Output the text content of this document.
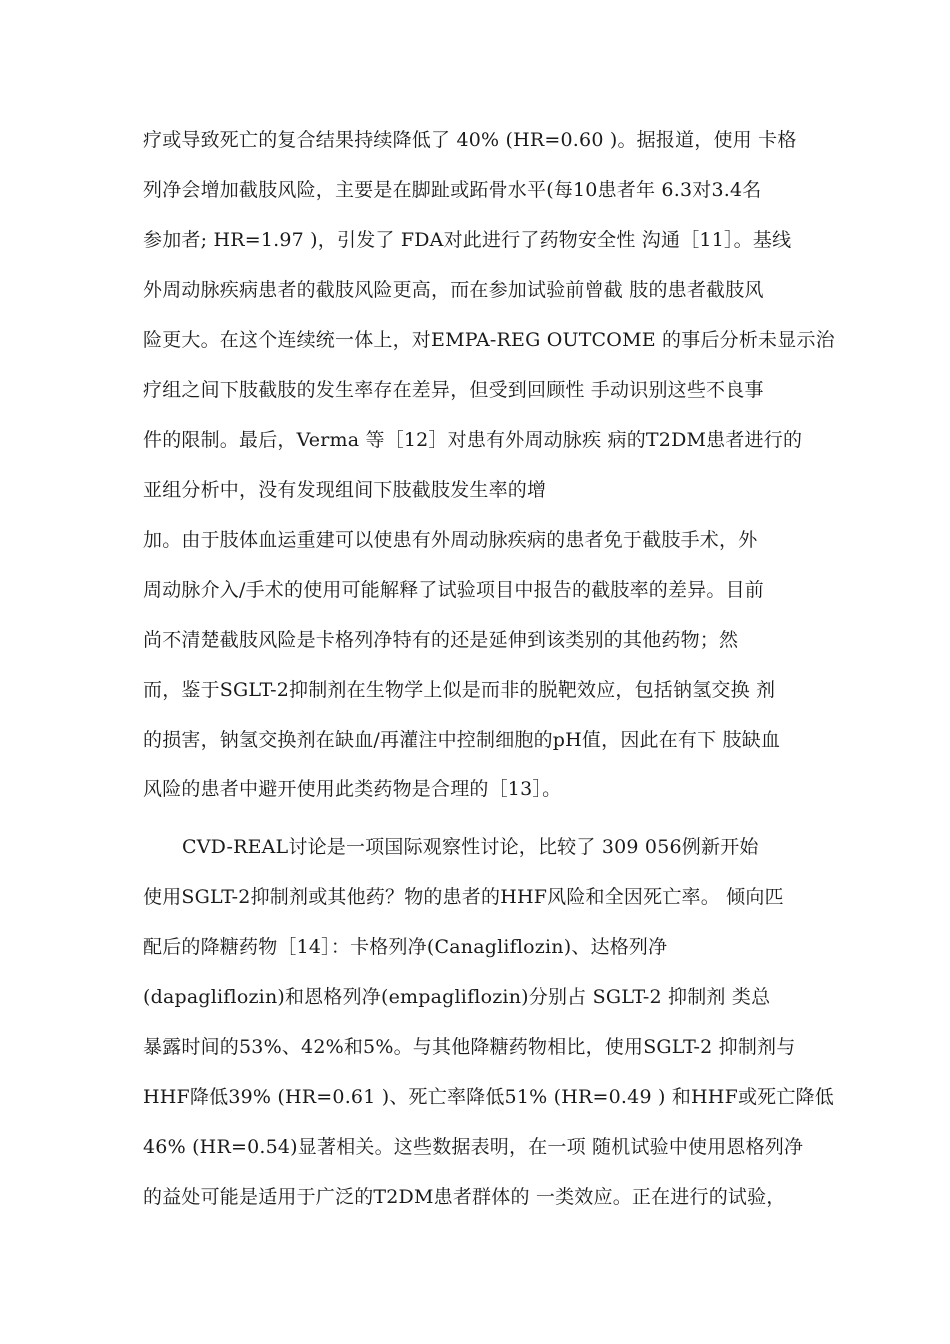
疗或导致死亡的复合结果持续降低了 40% (HR=0.60 )。据报道，使用 卡格
列净会增加截肢风险，主要是在脚趾或跖骨水平(每10患者年 6.3对3.4名
参加者; HR=1.97 )，引发了 FDA对此进行了药物安全性 沟通［11］。基线
外周动脉疾病患者的截肢风险更高，而在参加试验前曾截 肢的患者截肢风
险更大。在这个连续统一体上，对EMPA-REG OUTCOME 的事后分析未显示治
疗组之间下肢截肢的发生率存在差异，但受到回顾性 手动识别这些不良事
件的限制。最后，Verma 等［12］对患有外周动脉疾 病的T2DM患者进行的
亚组分析中，没有发现组间下肢截肢发生率的增
加。由于肢体血运重建可以使患有外周动脉疾病的患者免于截肢手术，外
周动脉介入/手术的使用可能解释了试验项目中报告的截肢率的差异。目前
尚不清楚截肢风险是卡格列净特有的还是延伸到该类别的其他药物；然
而，鉴于SGLT-2抑制剂在生物学上似是而非的脱靶效应，包括钠氢交换 剂
的损害，钠氢交换剂在缺血/再灌注中控制细胞的pH值，因此在有下 肢缺血
风险的患者中避开使用此类药物是合理的［13］。
CVD-REAL讨论是一项国际观察性讨论，比较了 309 056例新开始
使用SGLT-2抑制剂或其他药？物的患者的HHF风险和全因死亡率。 倾向匹
配后的降糖药物［14］：卡格列净(Canagliflozin)、达格列净
(dapagliflozin)和恩格列净(empagliflozin)分别占 SGLT-2 抑制剂 类总
暴露时间的53%、42%和5%。与其他降糖药物相比，使用SGLT-2 抑制剂与
HHF降低39% (HR=0.61 )、死亡率降低51% (HR=0.49 ) 和HHF或死亡降低
46% (HR=0.54)显著相关。这些数据表明，在一项 随机试验中使用恩格列净
的益处可能是适用于广泛的T2DM患者群体的 一类效应。正在进行的试验，
